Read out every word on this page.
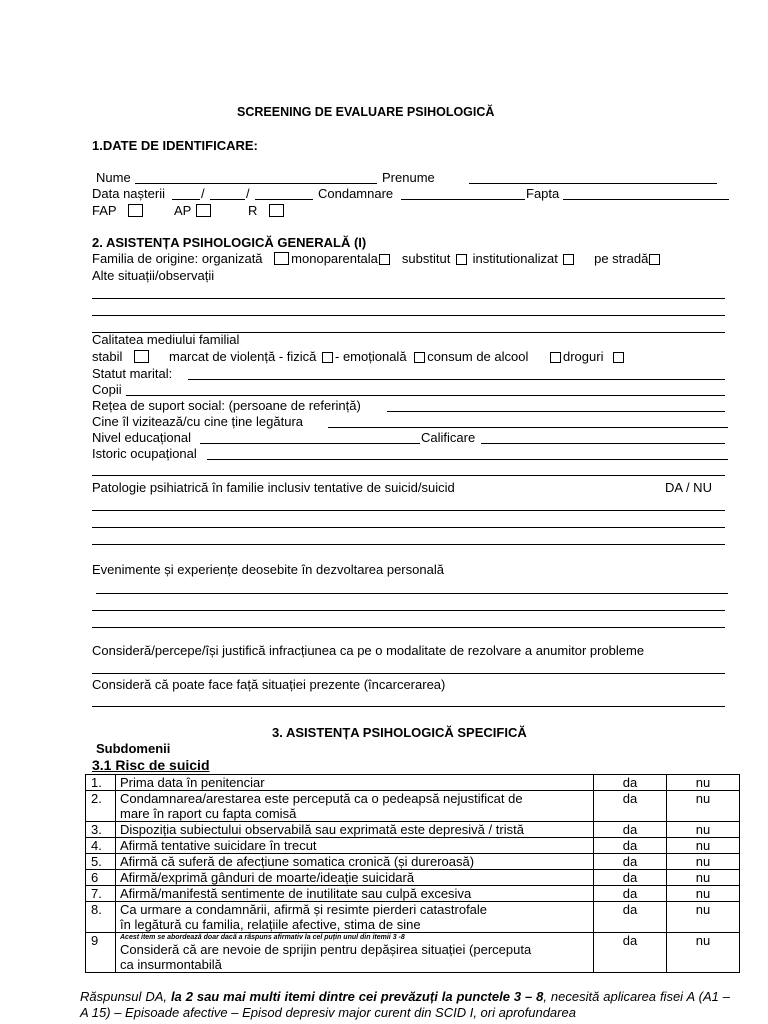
SCREENING DE EVALUARE PSIHOLOGICĂ
1.DATE DE IDENTIFICARE:
Nume	Prenume
Data nașterii	/	/	Condamnare	Fapta
FAP	AP	R
2. ASISTENȚA PSIHOLOGICĂ GENERALĂ (I)
Familia de origine: organizată monoparentala substitut institutionalizat	pe stradă
Alte situații/observații
Calitatea mediului familial
stabil	marcat de violență - fizică - emoțională consum de alcool	droguri
Statut marital:
Copii
Rețea de suport social: (persoane de referință)
Cine îl vizitează/cu cine ține legătura
Nivel educațional	Calificare
Istoric ocupațional
Patologie psihiatrică în familie inclusiv tentative de suicid/suicid	DA / NU
Evenimente și experiențe deosebite în dezvoltarea personală
Consideră/percepe/își justifică infracțiunea ca pe o modalitate de rezolvare a anumitor probleme
Consideră că poate face față situației prezente (încarcerarea)
3. ASISTENȚA PSIHOLOGICĂ SPECIFICĂ
Subdomenii
3.1 Risc de suicid
1.	Prima data în penitenciar	da	nu
2.	Condamnarea/arestarea este percepută ca o pedeapsă nejustificat de
mare în raport cu fapta comisă	da	nu
3.	Dispoziția subiectului observabilă sau exprimată este depresivă / tristă	da	nu
4.	Afirmă tentative suicidare în trecut	da	nu
5.	Afirmă că suferă de afecțiune somatica cronică (și dureroasă)	da	nu
6	Afirmă/exprimă gânduri de moarte/ideație suicidară	da	nu
7.	Afirmă/manifestă sentimente de inutilitate sau culpă excesiva	da	nu
8.	Ca urmare a condamnării, afirmă și resimte pierderi catastrofale
în legătură cu familia, relațiile afective, stima de sine	da	nu
9	Acest item se abordează doar dacă a răspuns afirmativ la cel puțin unul din itemii 3 -8
Consideră că are nevoie de sprijin pentru depășirea situației (perceputa
ca insurmontabilă	da	nu
Răspunsul DA, la 2 sau mai multi itemi dintre cei prevăzuți la punctele 3 – 8, necesită aplicarea fisei A (A1 – A 15) – Episoade afective – Episod depresiv major curent din SCID I, ori aprofundarea
